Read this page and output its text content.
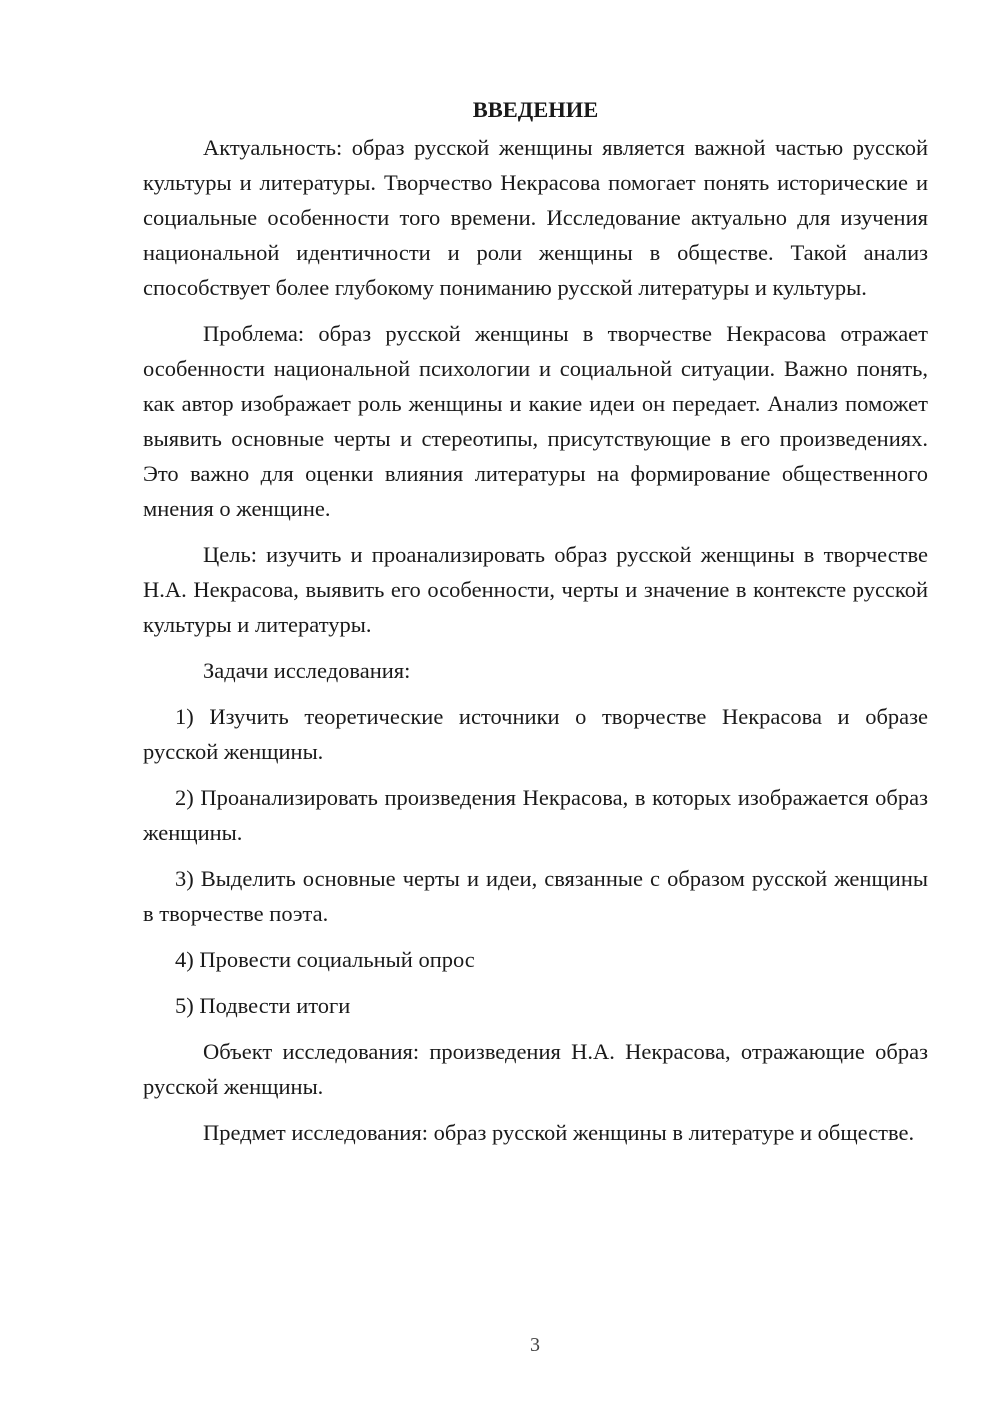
ВВЕДЕНИЕ

Актуальность: образ русской женщины является важной частью русской культуры и литературы. Творчество Некрасова помогает понять исторические и социальные особенности того времени. Исследование актуально для изучения национальной идентичности и роли женщины в обществе. Такой анализ способствует более глубокому пониманию русской литературы и культуры.

Проблема: образ русской женщины в творчестве Некрасова отражает особенности национальной психологии и социальной ситуации. Важно понять, как автор изображает роль женщины и какие идеи он передает. Анализ поможет выявить основные черты и стереотипы, присутствующие в его произведениях. Это важно для оценки влияния литературы на формирование общественного мнения о женщине.

Цель: изучить и проанализировать образ русской женщины в творчестве Н.А. Некрасова, выявить его особенности, черты и значение в контексте русской культуры и литературы.

Задачи исследования:

1) Изучить теоретические источники о творчестве Некрасова и образе русской женщины.

2) Проанализировать произведения Некрасова, в которых изображается образ женщины.

3) Выделить основные черты и идеи, связанные с образом русской женщины в творчестве поэта.

4) Провести социальный опрос

5) Подвести итоги

Объект исследования: произведения Н.А. Некрасова, отражающие образ русской женщины.

Предмет исследования: образ русской женщины в литературе и обществе.

3
